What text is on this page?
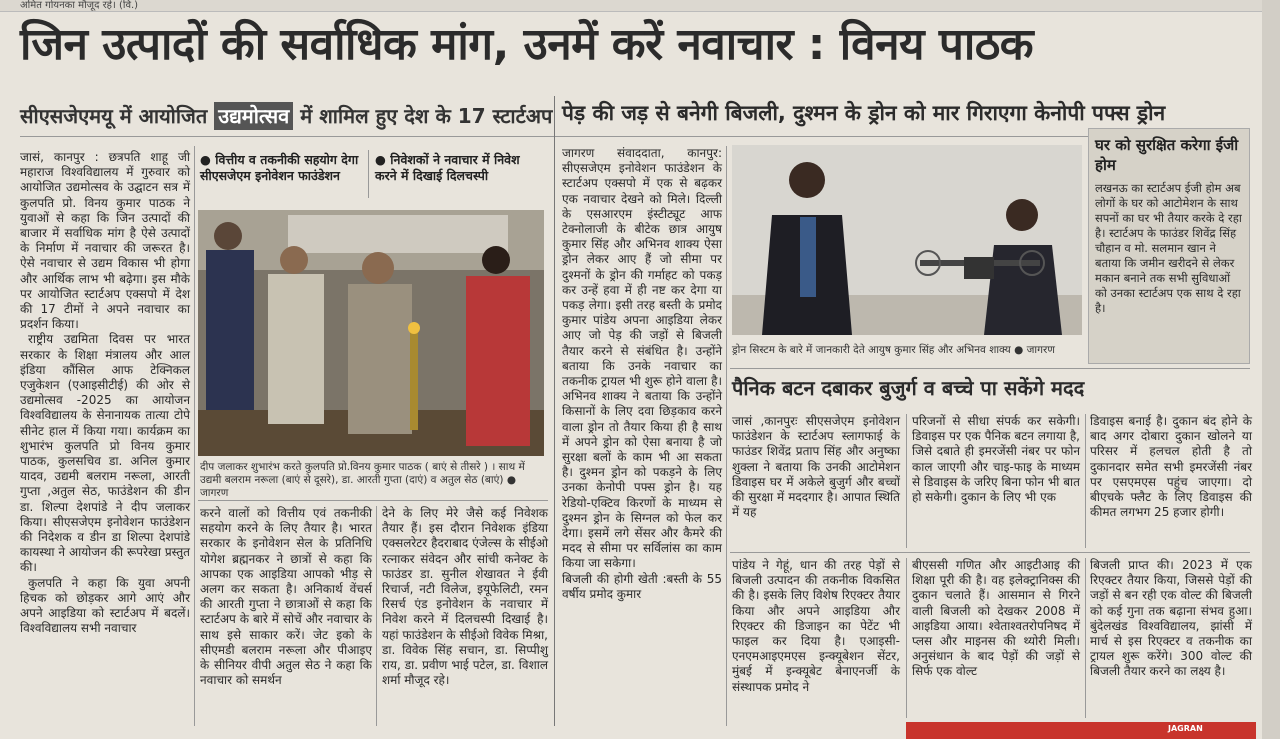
अमित गोयनका मौजूद रहे। (वि.)
जिन उत्पादों की सर्वाधिक मांग, उनमें करें नवाचार : विनय पाठक
सीएसजेएमयू में आयोजित उद्यमोत्सव में शामिल हुए देश के 17 स्टार्टअप पेड़ की जड़ से बनेगी बिजली, दुश्मन के ड्रोन को मार गिराएगा केनोपी पफ्स ड्रोन

जासं, कानपुर : छत्रपति शाहू जी महाराज विश्वविद्यालय में गुरुवार को आयोजित उद्यमोत्सव के उद्घाटन सत्र में कुलपति प्रो. विनय कुमार पाठक ने युवाओं से कहा कि जिन उत्पादों की बाजार में सर्वाधिक मांग है ऐसे उत्पादों के निर्माण में नवाचार की जरूरत है। ऐसे नवाचार से उद्यम विकास भी होगा और आर्थिक लाभ भी बढ़ेगा। इस मौके पर आयोजित स्टार्टअप एक्सपो में देश की 17 टीमों ने अपने नवाचार का प्रदर्शन किया।

राष्ट्रीय उद्यमिता दिवस पर भारत सरकार के शिक्षा मंत्रालय और आल इंडिया कौंसिल आफ टेक्निकल एजुकेशन (एआइसीटीई) की ओर से उद्यमोत्सव -2025 का आयोजन विश्वविद्यालय के सेनानायक तात्या टोपे सीनेट हाल में किया गया। कार्यक्रम का शुभारंभ कुलपति प्रो विनय कुमार पाठक, कुलसचिव डा. अनिल कुमार यादव, उद्यमी बलराम नरूला, आरती गुप्ता ,अतुल सेठ, फाउंडेशन की डीन डा. शिल्पा देशपांडे ने दीप जलाकर किया। सीएसजेएम इनोवेशन फाउंडेशन की निदेशक व डीन डा शिल्पा देशपांडे कायस्था ने आयोजन की रूपरेखा प्रस्तुत की।

कुलपति ने कहा कि युवा अपनी हिचक को छोड़कर आगे आएं और अपने आइडिया को स्टार्टअप में बदलें। विश्वविद्यालय सभी नवाचार

● वित्तीय व तकनीकी सहयोग देगा सीएसजेएम इनोवेशन फाउंडेशन
● निवेशकों ने नवाचार में निवेश करने में दिखाई दिलचस्पी
दीप जलाकर शुभारंभ करते कुलपति प्रो.विनय कुमार पाठक ( बाएं से तीसरे ) । साथ में उद्यमी बलराम नरूला (बाएं से दूसरे), डा. आरती गुप्ता (दाएं) व अतुल सेठ (बाएं) ● जागरण
करने वालों को वित्तीय एवं तकनीकी सहयोग करने के लिए तैयार है। भारत सरकार के इनोवेशन सेल के प्रतिनिधि योगेश ब्रह्मनकर ने छात्रों से कहा कि आपका एक आइडिया आपको भीड़ से अलग कर सकता है। अनिकार्थ वेंचर्स की आरती गुप्ता ने छात्राओं से कहा कि स्टार्टअप के बारे में सोचें और नवाचार के साथ इसे साकार करें। जेट इको के सीएमडी बलराम नरूला और पीआइए के सीनियर वीपी अतुल सेठ ने कहा कि नवाचार को समर्थन
देने के लिए मेरे जैसे कई निवेशक तैयार हैं। इस दौरान निवेशक इंडिया एक्सलरेटर हैदराबाद एंजेल्स के सीईओ रत्नाकर संवेदन और सांची कनेक्ट के फाउंडर डा. सुनील शेखावत ने ईवी रिचार्ज, नटी विलेज, इयूफेलिटी, रमन रिसर्च एंड इनोवेशन के नवाचार में निवेश करने में दिलचस्पी दिखाई है। यहां फाउंडेशन के सीईओ विवेक मिश्रा, डा. विवेक सिंह सचान, डा. सिप्पीशु राय, डा. प्रवीण भाई पटेल, डा. विशाल शर्मा मौजूद रहे।

जागरण संवाददाता, कानपुर: सीएसजेएम इनोवेशन फाउंडेशन के स्टार्टअप एक्सपो में एक से बढ़कर एक नवाचार देखने को मिले। दिल्ली के एसआरएम इंस्टीट्यूट आफ टेक्नोलाजी के बीटेक छात्र आयुष कुमार सिंह और अभिनव शाक्य ऐसा ड्रोन लेकर आए हैं जो सीमा पर दुश्मनों के ड्रोन की गर्माहट को पकड़ कर उन्हें हवा में ही नष्ट कर देगा या पकड़ लेगा। इसी तरह बस्ती के प्रमोद कुमार पांडेय अपना आइडिया लेकर आए जो पेड़ की जड़ों से बिजली तैयार करने से संबंधित है। उन्होंने बताया कि उनके नवाचार का तकनीक ट्रायल भी शुरू होने वाला है। अभिनव शाक्य ने बताया कि उन्होंने किसानों के लिए दवा छिड़काव करने वाला ड्रोन तो तैयार किया ही है साथ में अपने ड्रोन को ऐसा बनाया है जो सुरक्षा बलों के काम भी आ सकता है। दुश्मन ड्रोन को पकड़ने के लिए उनका केनोपी पफ्स ड्रोन है। यह रेडियो-एक्टिव किरणों के माध्यम से दुश्मन ड्रोन के सिग्नल को फेल कर देगा। इसमें लगे सेंसर और कैमरे की मदद से सीमा पर सर्विलांस का काम किया जा सकेगा।

बिजली की होगी खेती :बस्ती के 55 वर्षीय प्रमोद कुमार

ड्रोन सिस्टम के बारे में जानकारी देते आयुष कुमार सिंह और अभिनव शाक्य ● जागरण
घर को सुरक्षित करेगा ईजी होम
लखनऊ का स्टार्टअप ईजी होम अब लोगों के घर को आटोमेशन के साथ सपनों का घर भी तैयार करके दे रहा है। स्टार्टअप के फाउंडर शिवेंद्र सिंह चौहान व मो. सलमान खान ने बताया कि जमीन खरीदने से लेकर मकान बनाने तक सभी सुविधाओं को उनका स्टार्टअप एक साथ दे रहा है।
पैनिक बटन दबाकर बुजुर्ग व बच्चे पा सकेंगे मदद
जासं ,कानपुरः सीएसजेएम इनोवेशन फाउंडेशन के स्टार्टअप स्लागफाई के फाउंडर शिवेंद्र प्रताप सिंह और अनुष्का शुक्ला ने बताया कि उनकी आटोमेशन डिवाइस घर में अकेले बुजुर्ग और बच्चों की सुरक्षा में मददगार है। आपात स्थिति में यह
परिजनों से सीधा संपर्क कर सकेगी। डिवाइस पर एक पैनिक बटन लगाया है, जिसे दबाते ही इमरजेंसी नंबर पर फोन काल जाएगी और चाइ-फाइ के माध्यम से डिवाइस के जरिए बिना फोन भी बात हो सकेगी। दुकान के लिए भी एक
डिवाइस बनाई है। दुकान बंद होने के बाद अगर दोबारा दुकान खोलने या परिसर में हलचल होती है तो दुकानदार समेत सभी इमरजेंसी नंबर पर एसएमएस पहुंच जाएगा। दो बीएचके फ्लैट के लिए डिवाइस की कीमत लगभग 25 हजार होगी।
पांडेय ने गेहूं, धान की तरह पेड़ों से बिजली उत्पादन की तकनीक विकसित की है। इसके लिए विशेष रिएक्टर तैयार किया और अपने आइडिया और रिएक्टर की डिजाइन का पेटेंट भी फाइल कर दिया है। एआइसी-एनएमआइएमएस इन्क्यूबेशन सेंटर, मुंबई में इन्क्यूबेट बेनाएनर्जी के संस्थापक प्रमोद ने
बीएससी गणित और आइटीआइ की शिक्षा पूरी की है। वह इलेक्ट्रानिक्स की दुकान चलाते हैं। आसमान से गिरने वाली बिजली को देखकर 2008 में आइडिया आया। श्वेताश्वतरोपनिषद में प्लस और माइनस की थ्योरी मिली। अनुसंधान के बाद पेड़ों की जड़ों से सिर्फ एक वोल्ट
बिजली प्राप्त की। 2023 में एक रिएक्टर तैयार किया, जिससे पेड़ों की जड़ों से बन रही एक वोल्ट की बिजली को कई गुना तक बढ़ाना संभव हुआ। बुंदेलखंड विश्वविद्यालय, झांसी में मार्च से इस रिएक्टर व तकनीक का ट्रायल शुरू करेंगे। 300 वोल्ट की बिजली तैयार करने का लक्ष्य है।
JAGRAN
